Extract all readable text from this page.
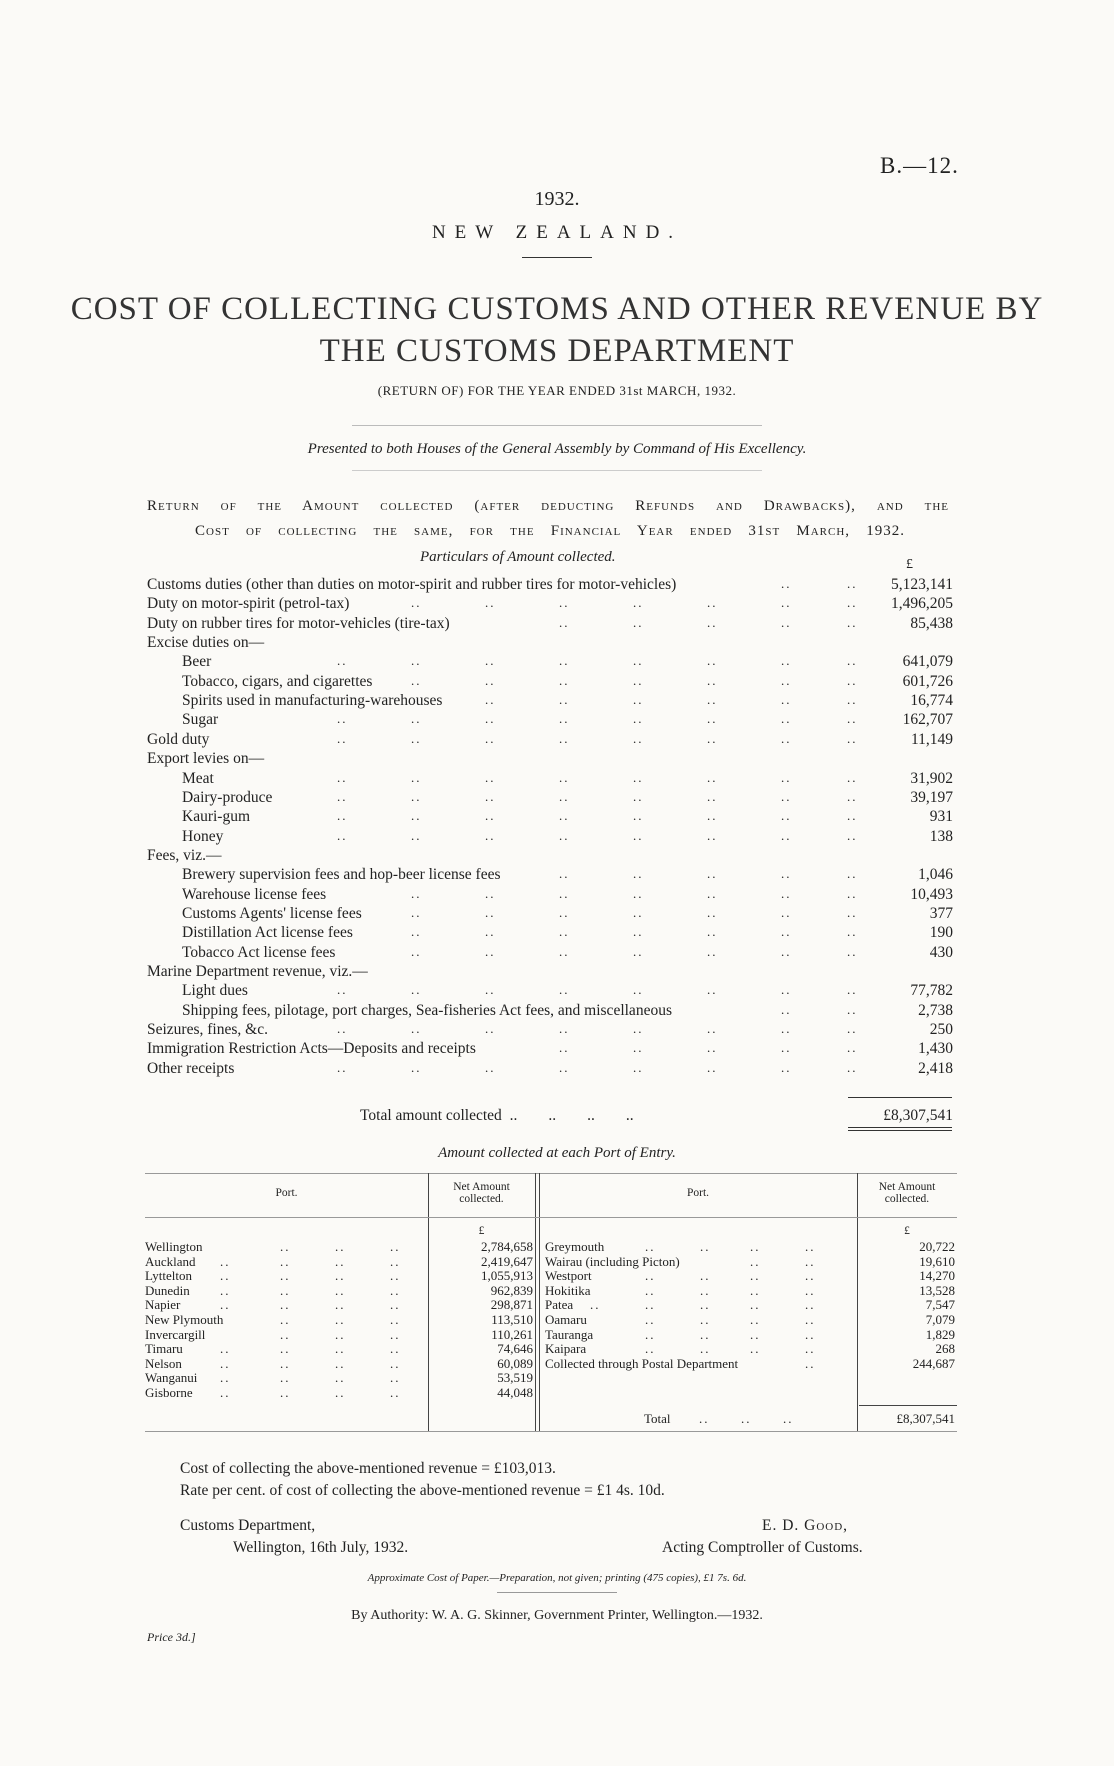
B.—12.
1932.
NEW ZEALAND.
COST OF COLLECTING CUSTOMS AND OTHER REVENUE BY
THE CUSTOMS DEPARTMENT
(RETURN OF) FOR THE YEAR ENDED 31st MARCH, 1932.
Presented to both Houses of the General Assembly by Command of His Excellency.
Return of the Amount collected (after deducting Refunds and Drawbacks), and the
Cost of collecting the same, for the Financial Year ended 31st March, 1932.
Particulars of Amount collected.	£
Customs duties (other than duties on motor-spirit and rubber tires for motor-vehicles)	..	.. 5,123,141
Duty on motor-spirit (petrol-tax)	..	..	..	..	..	..	.. 1,496,205
Duty on rubber tires for motor-vehicles (tire-tax)	..	..	..	..	..	85,438
Excise duties on—
Beer	..	..	..	..	..	..	..	..	641,079
Tobacco, cigars, and cigarettes	..	..	..	..	..	..	..	601,726
Spirits used in manufacturing-warehouses	..	..	..	..	..	..	16,774
Sugar	..	..	..	..	..	..	..	..	162,707
Gold duty	..	..	..	..	..	..	..	..	11,149
Export levies on—
Meat	..	..	..	..	..	..	..	..	31,902
Dairy-produce	..	..	..	..	..	..	..	..	39,197
Kauri-gum	..	..	..	..	..	..	..	..	931
Honey	..	..	..	..	..	..	..	..	138
Fees, viz.—
Brewery supervision fees and hop-beer license fees	..	..	..	..	..	1,046
Warehouse license fees	..	..	..	..	..	..	..	10,493
Customs Agents' license fees	..	..	..	..	..	..	..	377
Distillation Act license fees	..	..	..	..	..	..	..	190
Tobacco Act license fees	..	..	..	..	..	..	..	430
Marine Department revenue, viz.—
Light dues	..	..	..	..	..	..	..	..	77,782
Shipping fees, pilotage, port charges, Sea-fisheries Act fees, and miscellaneous	..	..	2,738
Seizures, fines, &c.	..	..	..	..	..	..	..	..	250
Immigration Restriction Acts—Deposits and receipts	..	..	..	..	..	1,430
Other receipts	..	..	..	..	..	..	..	..	2,418
Total amount collected  ..        ..        ..        ..	£8,307,541
Amount collected at each Port of Entry.
Port.	Net Amount
collected.	Port.	Net Amount
collected.
£	£
Wellington	..	..	..	2,784,658
Auckland ..	..	..	..	2,419,647
Lyttelton ..	..	..	..	1,055,913
Dunedin ..	..	..	..	962,839
Napier	..	..	..	..	298,871
New Plymouth	..	..	..	113,510
Invercargill	..	..	..	110,261
Timaru	..	..	..	..	74,646
Nelson	..	..	..	..	60,089
Wanganui ..	..	..	..	53,519
Gisborne ..	..	..	..	44,048
Greymouth	..	..	..	..	20,722
Wairau (including Picton)	..	..	19,610
Westport	..	..	..	..	14,270
Hokitika	..	..	..	..	13,528
Patea ..	..	..	..	..	7,547
Oamaru	..	..	..	..	7,079
Tauranga	..	..	..	..	1,829
Kaipara	..	..	..	..	268
Collected through Postal Department	..	244,687
Total ..      ..      ..	£8,307,541
Cost of collecting the above-mentioned revenue = £103,013.
Rate per cent. of cost of collecting the above-mentioned revenue = £1 4s. 10d.
Customs Department,
Wellington, 16th July, 1932.
E. D. Good,
Acting Comptroller of Customs.
Approximate Cost of Paper.—Preparation, not given; printing (475 copies), £1 7s. 6d.
By Authority: W. A. G. Skinner, Government Printer, Wellington.—1932.
Price 3d.]
